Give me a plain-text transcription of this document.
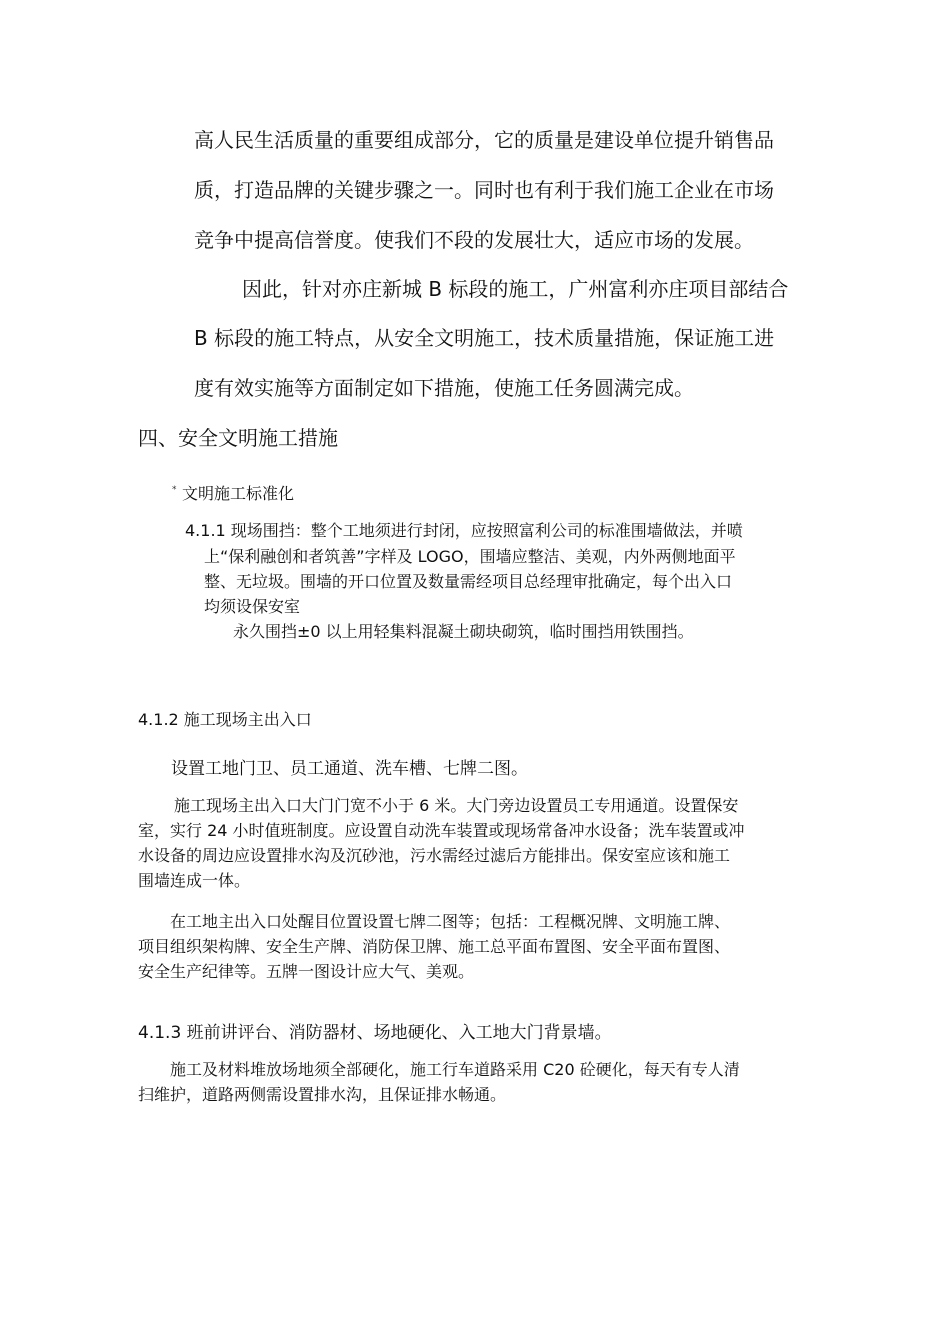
高人民生活质量的重要组成部分，它的质量是建设单位提升销售品
质，打造品牌的关键步骤之一。同时也有利于我们施工企业在市场
竞争中提高信誉度。使我们不段的发展壮大，适应市场的发展。
因此，针对亦庄新城 B 标段的施工，广州富利亦庄项目部结合
B 标段的施工特点，从安全文明施工，技术质量措施，保证施工进
度有效实施等方面制定如下措施，使施工任务圆满完成。
四、安全文明施工措施
* 文明施工标准化
4.1.1 现场围挡：整个工地须进行封闭，应按照富利公司的标准围墙做法，并喷
上“保利融创和者筑善”字样及 LOGO，围墙应整洁、美观，内外两侧地面平
整、无垃圾。围墙的开口位置及数量需经项目总经理审批确定，每个出入口
均须设保安室
永久围挡±0 以上用轻集料混凝土砌块砌筑，临时围挡用铁围挡。
4.1.2 施工现场主出入口
设置工地门卫、员工通道、洗车槽、七牌二图。
施工现场主出入口大门门宽不小于 6 米。大门旁边设置员工专用通道。设置保安
室，实行 24 小时值班制度。应设置自动洗车装置或现场常备冲水设备；洗车装置或冲
水设备的周边应设置排水沟及沉砂池，污水需经过滤后方能排出。保安室应该和施工
围墙连成一体。
在工地主出入口处醒目位置设置七牌二图等；包括：工程概况牌、文明施工牌、
项目组织架构牌、安全生产牌、消防保卫牌、施工总平面布置图、安全平面布置图、
安全生产纪律等。五牌一图设计应大气、美观。
4.1.3 班前讲评台、消防器材、场地硬化、入工地大门背景墙。
施工及材料堆放场地须全部硬化，施工行车道路采用 C20 砼硬化，每天有专人清
扫维护，道路两侧需设置排水沟，且保证排水畅通。
